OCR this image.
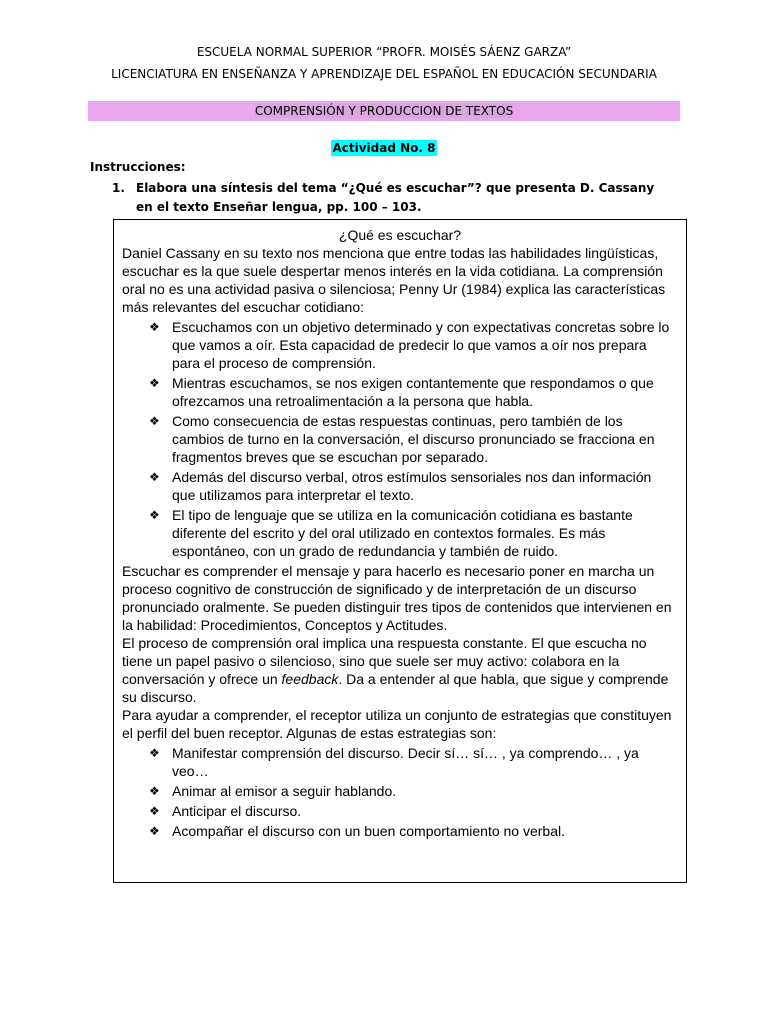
ESCUELA NORMAL SUPERIOR “PROFR. MOISÉS SÁENZ GARZA”
LICENCIATURA EN ENSEÑANZA Y APRENDIZAJE DEL ESPAÑOL EN EDUCACIÓN SECUNDARIA
COMPRENSIÓN Y PRODUCCION DE TEXTOS
Actividad No. 8
Instrucciones:
1. Elabora una síntesis del tema “¿Qué es escuchar”? que presenta D. Cassany en el texto Enseñar lengua, pp. 100 – 103.
¿Qué es escuchar?
Daniel Cassany en su texto nos menciona que entre todas las habilidades lingüísticas, escuchar es la que suele despertar menos interés en la vida cotidiana. La comprensión oral no es una actividad pasiva o silenciosa; Penny Ur (1984) explica las características más relevantes del escuchar cotidiano:
❖ Escuchamos con un objetivo determinado y con expectativas concretas sobre lo que vamos a oír. Esta capacidad de predecir lo que vamos a oír nos prepara para el proceso de comprensión.
❖ Mientras escuchamos, se nos exigen contantemente que respondamos o que ofrezcamos una retroalimentación a la persona que habla.
❖ Como consecuencia de estas respuestas continuas, pero también de los cambios de turno en la conversación, el discurso pronunciado se fracciona en fragmentos breves que se escuchan por separado.
❖ Además del discurso verbal, otros estímulos sensoriales nos dan información que utilizamos para interpretar el texto.
❖ El tipo de lenguaje que se utiliza en la comunicación cotidiana es bastante diferente del escrito y del oral utilizado en contextos formales. Es más espontáneo, con un grado de redundancia y también de ruido.
Escuchar es comprender el mensaje y para hacerlo es necesario poner en marcha un proceso cognitivo de construcción de significado y de interpretación de un discurso pronunciado oralmente. Se pueden distinguir tres tipos de contenidos que intervienen en la habilidad: Procedimientos, Conceptos y Actitudes.
El proceso de comprensión oral implica una respuesta constante. El que escucha no tiene un papel pasivo o silencioso, sino que suele ser muy activo: colabora en la conversación y ofrece un feedback. Da a entender al que habla, que sigue y comprende su discurso.
Para ayudar a comprender, el receptor utiliza un conjunto de estrategias que constituyen el perfil del buen receptor. Algunas de estas estrategias son:
❖ Manifestar comprensión del discurso. Decir sí… sí… , ya comprendo… , ya veo…
❖ Animar al emisor a seguir hablando.
❖ Anticipar el discurso.
❖ Acompañar el discurso con un buen comportamiento no verbal.
